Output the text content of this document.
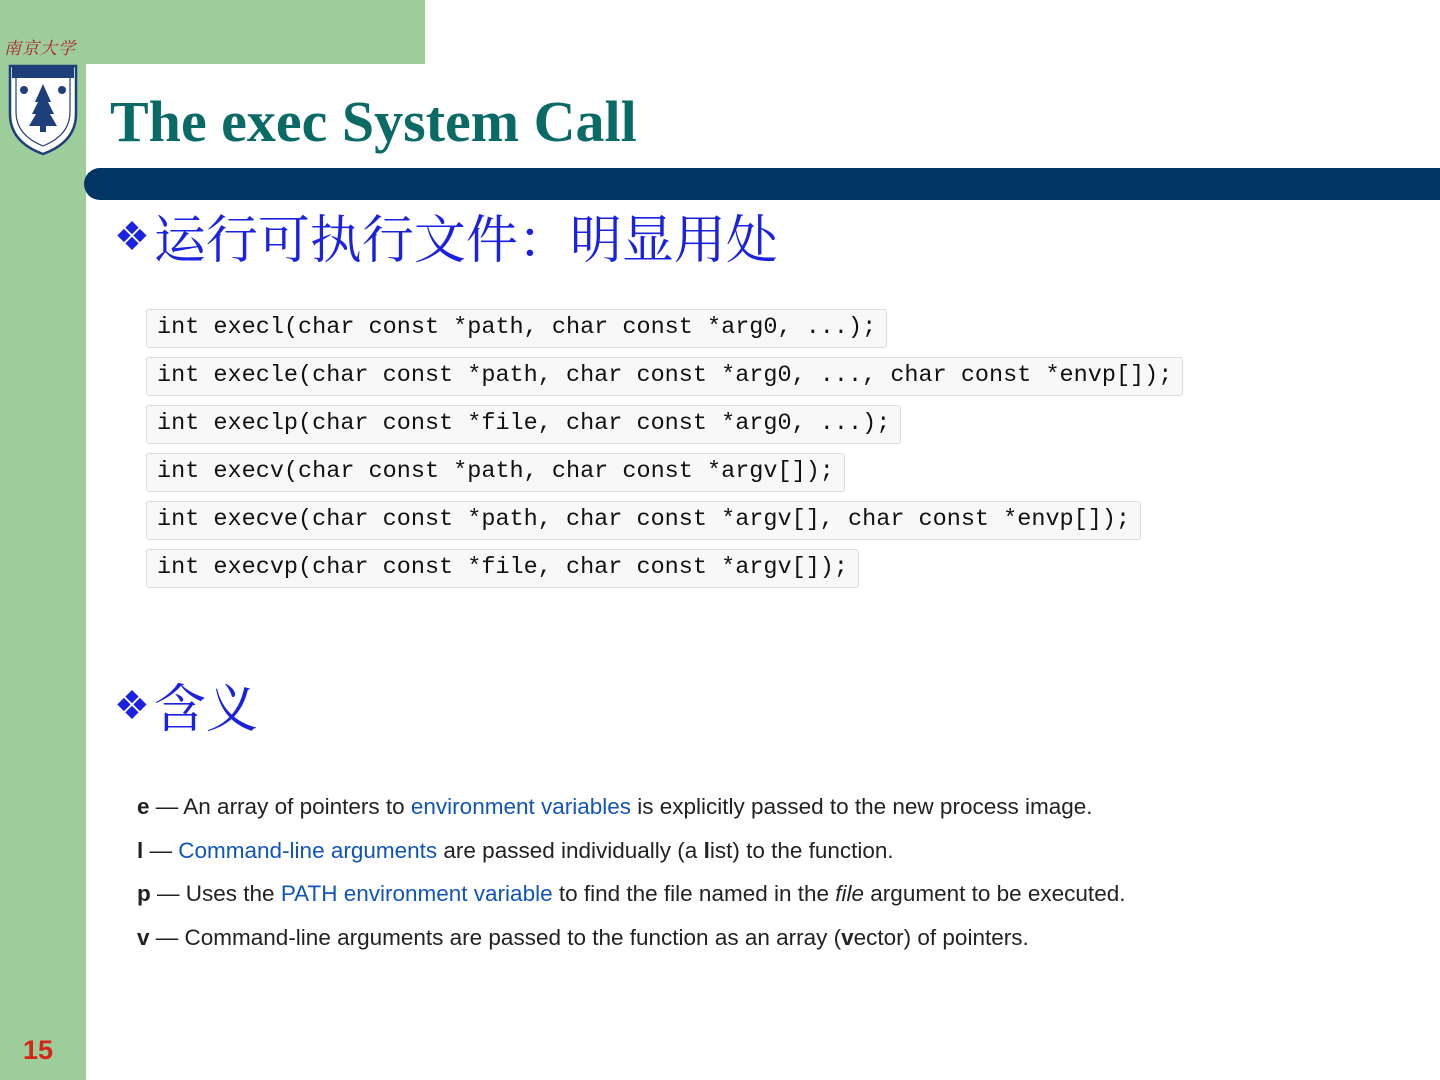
南京大学
The exec System Call
❖运行可执行文件：明显用处
int execl(char const *path, char const *arg0, ...);
int execle(char const *path, char const *arg0, ..., char const *envp[]);
int execlp(char const *file, char const *arg0, ...);
int execv(char const *path, char const *argv[]);
int execve(char const *path, char const *argv[], char const *envp[]);
int execvp(char const *file, char const *argv[]);
❖含义
e — An array of pointers to environment variables is explicitly passed to the new process image.
l — Command-line arguments are passed individually (a list) to the function.
p — Uses the PATH environment variable to find the file named in the file argument to be executed.
v — Command-line arguments are passed to the function as an array (vector) of pointers.
15
